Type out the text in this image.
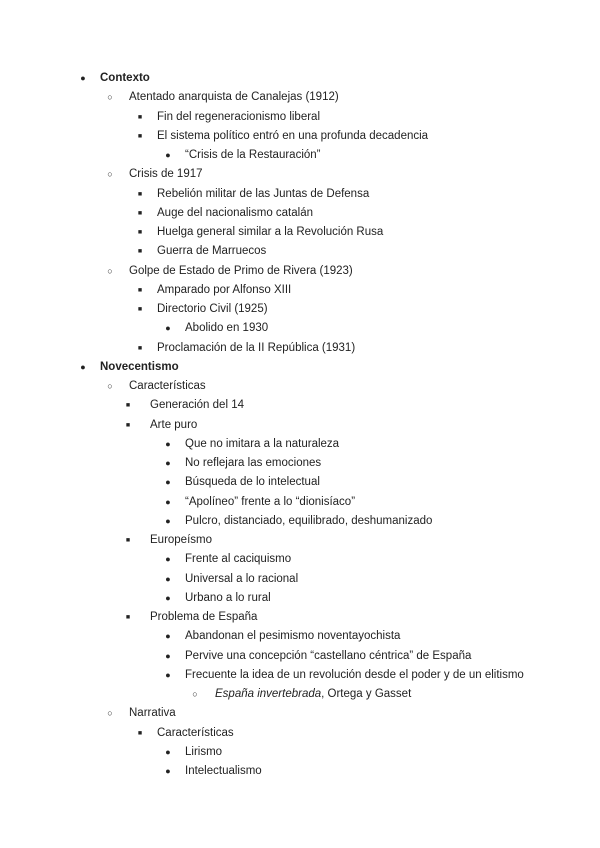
● Contexto
○ Atentado anarquista de Canalejas (1912)
■	Fin del regeneracionismo liberal
■	El sistema político entró en una profunda decadencia
● “Crisis de la Restauración”
○ Crisis de 1917
■	Rebelión militar de las Juntas de Defensa
■	Auge del nacionalismo catalán
■	Huelga general similar a la Revolución Rusa
■	Guerra de Marruecos
○ Golpe de Estado de Primo de Rivera (1923)
■	Amparado por Alfonso XIII
■	Directorio Civil (1925)
● Abolido en 1930
■	Proclamación de la II República (1931)
● Novecentismo
○ Características
■	Generación del 14
■	Arte puro
● Que no imitara a la naturaleza
● No reflejara las emociones
● Búsqueda de lo intelectual
● “Apolíneo” frente a lo “dionisíaco”
● Pulcro, distanciado, equilibrado, deshumanizado
■	Europeísmo
● Frente al caciquismo
● Universal a lo racional
● Urbano a lo rural
■	Problema de España
● Abandonan el pesimismo noventayochista
● Pervive una concepción “castellano céntrica” de España
● Frecuente la idea de un revolución desde el poder y de un elitismo
○ España invertebrada, Ortega y Gasset
○ Narrativa
■	Características
● Lirismo
● Intelectualismo
